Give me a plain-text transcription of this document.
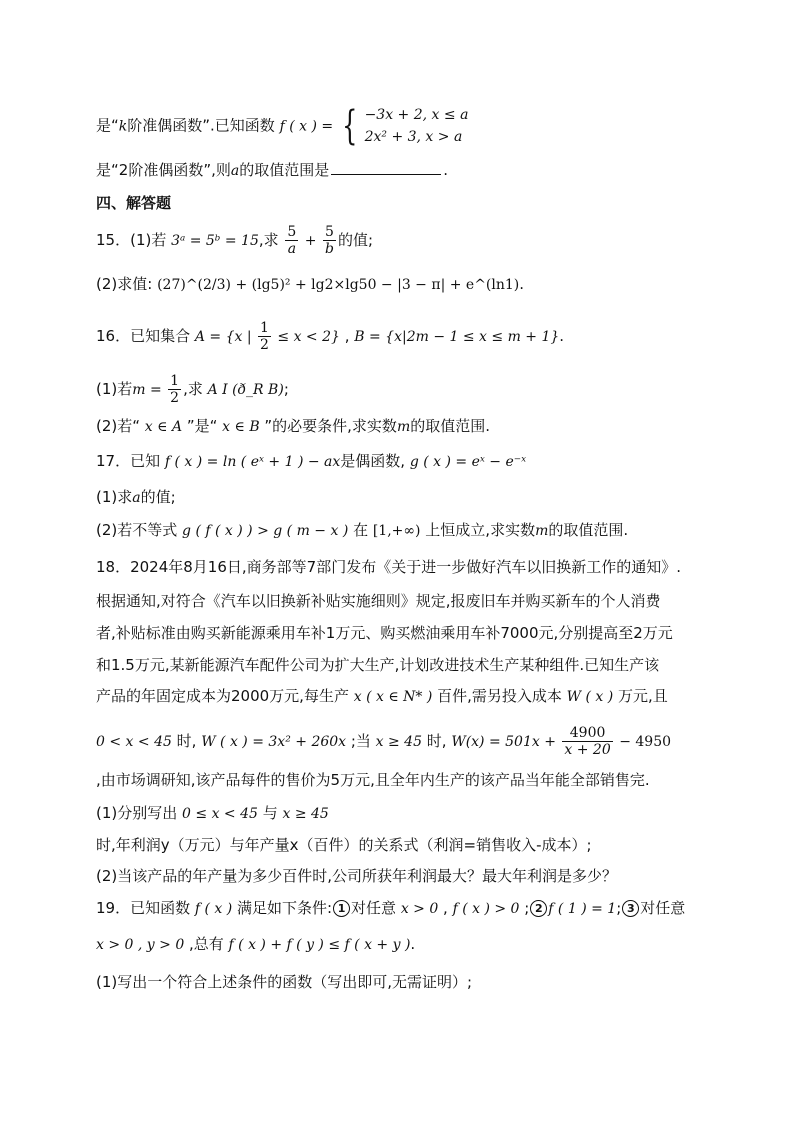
是“k阶准偶函数”.已知函数 f ( x ) = { −3x + 2, x ≤ a
2x² + 3, x > a
是“2阶准偶函数”,则a的取值范围是	.
四、解答题
15．(1)若 3ᵃ = 5ᵇ = 15,求 $\frac{5}{a} + \frac{5}{b}$ 的值;
(2)求值: (27)^(2/3) + (lg5)² + lg2×lg50 − |3 − π| + e^(ln1).
16．已知集合 A = {x | $\frac{1}{2} \le x < 2$} , B = {x|2m − 1 ≤ x ≤ m + 1}.
(1)若$m = \frac{1}{2}$ ,求 A I (ð_R B);
(2)若“ x ∈ A ”是“ x ∈ B ”的必要条件,求实数m的取值范围.
17．已知 f ( x ) = ln ( eˣ + 1 ) − ax是偶函数, g ( x ) = eˣ − e⁻ˣ
(1)求a的值;
(2)若不等式 g ( f ( x ) ) > g ( m − x ) 在 [1,+∞) 上恒成立,求实数m的取值范围.
18．2024年8月16日,商务部等7部门发布《关于进一步做好汽车以旧换新工作的通知》.
根据通知,对符合《汽车以旧换新补贴实施细则》规定,报废旧车并购买新车的个人消费
者,补贴标准由购买新能源乘用车补1万元、购买燃油乘用车补7000元,分别提高至2万元
和1.5万元,某新能源汽车配件公司为扩大生产,计划改进技术生产某种组件.已知生产该
产品的年固定成本为2000万元,每生产 x ( x ∈ N* ) 百件,需另投入成本 W ( x ) 万元,且
0 < x < 45 时, W ( x ) = 3x² + 260x ;当 x ≥ 45 时, $W(x) = 501x + \frac{4900}{x + 20} - 4950$
,由市场调研知,该产品每件的售价为5万元,且全年内生产的该产品当年能全部销售完.
(1)分别写出 0 ≤ x < 45 与 x ≥ 45
时,年利润y（万元）与年产量x（百件）的关系式（利润=销售收入-成本）;
(2)当该产品的年产量为多少百件时,公司所获年利润最大？最大年利润是多少？
19．已知函数 f ( x ) 满足如下条件: 1 对任意 x > 0 , f ( x ) > 0 ; 2 f ( 1 ) = 1; 3 对任意
x > 0 , y > 0 ,总有 f ( x ) + f ( y ) ≤ f ( x + y ).
(1)写出一个符合上述条件的函数（写出即可,无需证明）;
